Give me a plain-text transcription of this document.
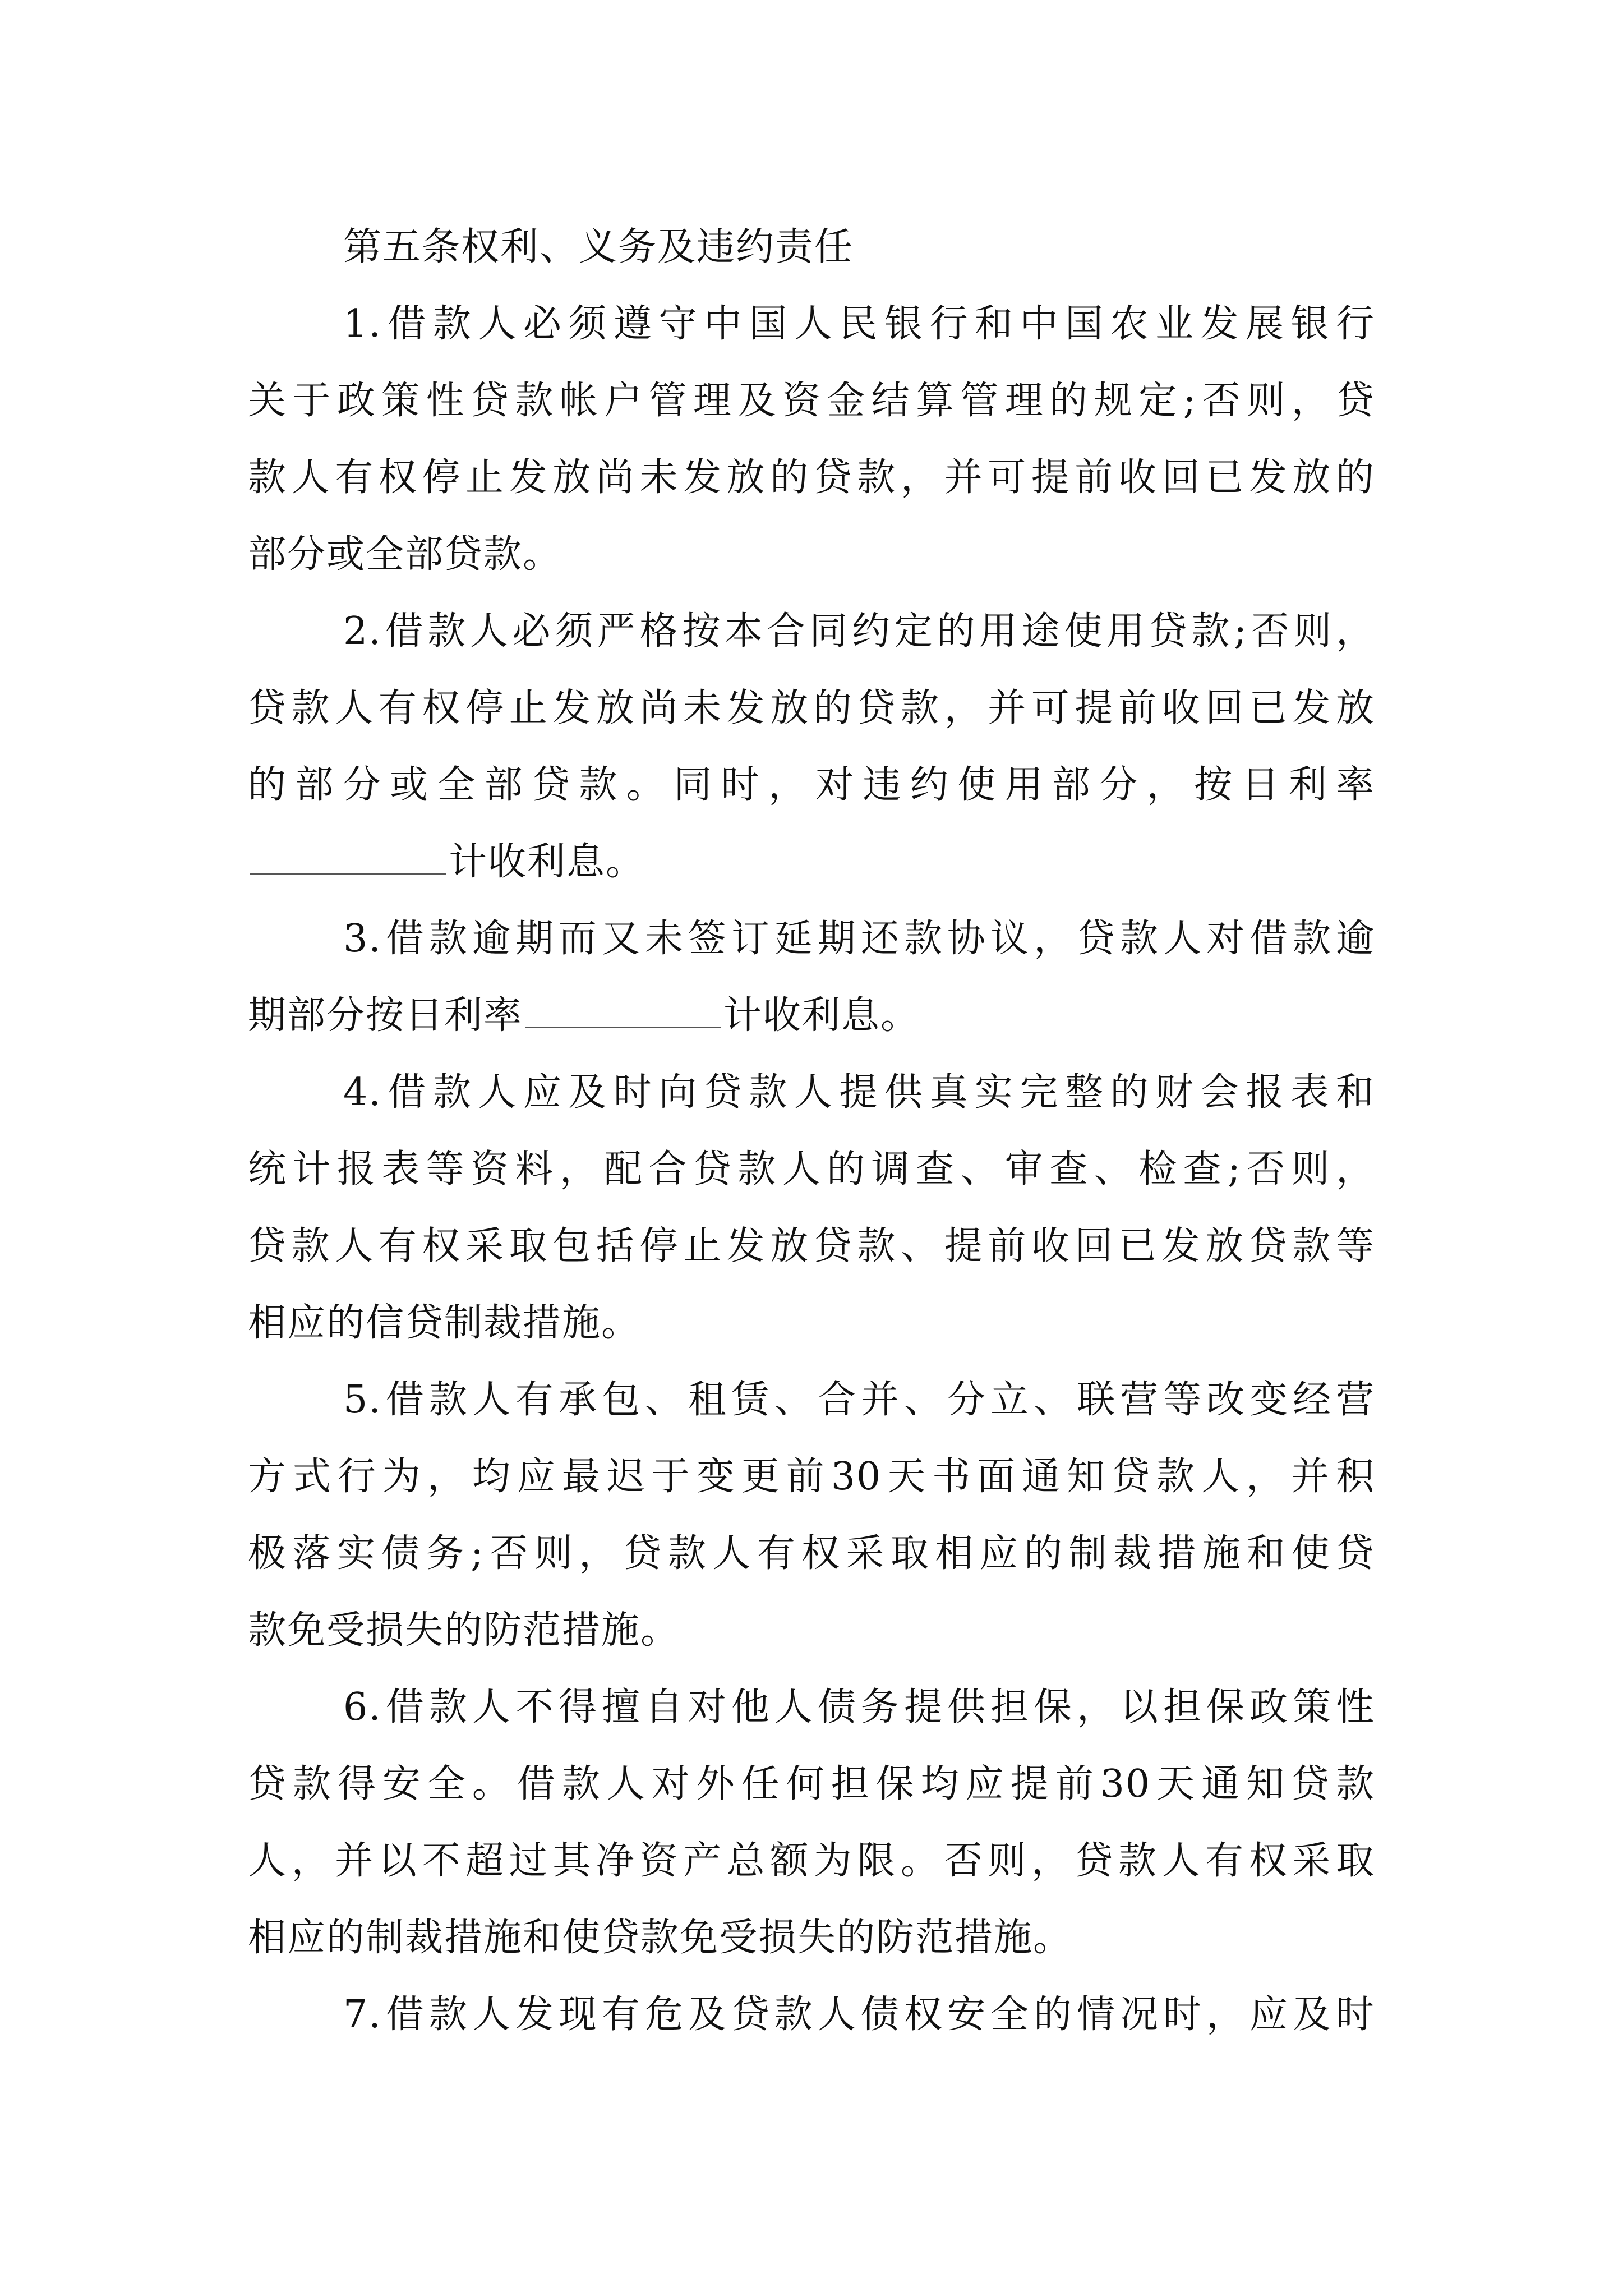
第五条权利、义务及违约责任
1.借款人必须遵守中国人民银行和中国农业发展银行
关于政策性贷款帐户管理及资金结算管理的规定;否则，贷
款人有权停止发放尚未发放的贷款，并可提前收回已发放的
部分或全部贷款。
2.借款人必须严格按本合同约定的用途使用贷款;否则，
贷款人有权停止发放尚未发放的贷款，并可提前收回已发放
的部分或全部贷款。同时，对违约使用部分，按日利率
计收利息。
3.借款逾期而又未签订延期还款协议，贷款人对借款逾
期部分按日利率	计收利息。
4.借款人应及时向贷款人提供真实完整的财会报表和
统计报表等资料，配合贷款人的调查、审查、检查;否则，
贷款人有权采取包括停止发放贷款、提前收回已发放贷款等
相应的信贷制裁措施。
5.借款人有承包、租赁、合并、分立、联营等改变经营
方式行为，均应最迟于变更前30天书面通知贷款人，并积
极落实债务;否则，贷款人有权采取相应的制裁措施和使贷
款免受损失的防范措施。
6.借款人不得擅自对他人债务提供担保，以担保政策性
贷款得安全。借款人对外任何担保均应提前30天通知贷款
人，并以不超过其净资产总额为限。否则，贷款人有权采取
相应的制裁措施和使贷款免受损失的防范措施。
7.借款人发现有危及贷款人债权安全的情况时，应及时
